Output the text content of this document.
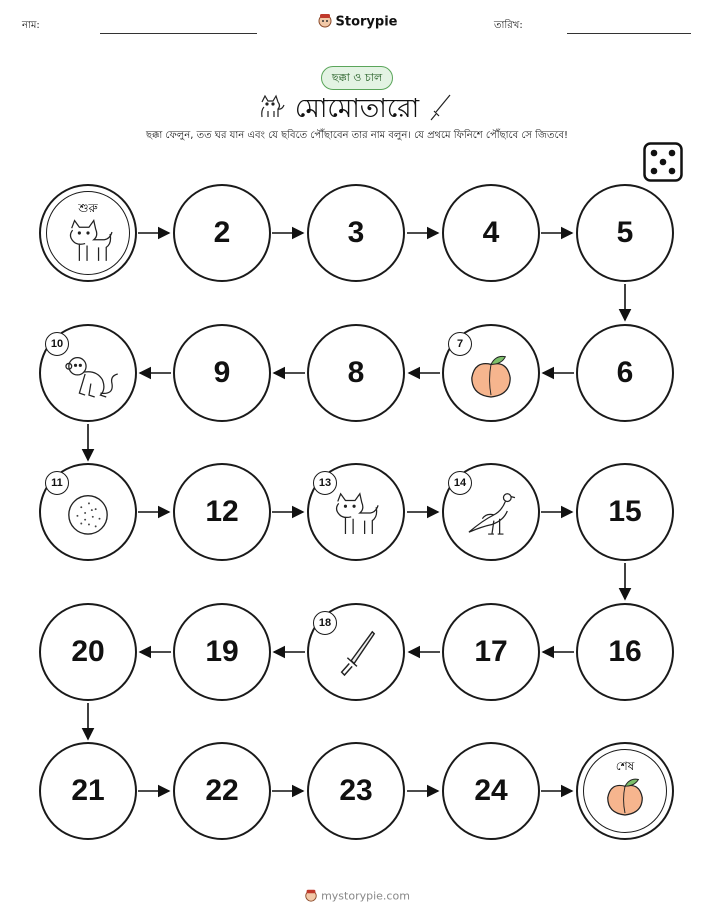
নাম:	Storypie	তারিখ:
ছক্কা ও চাল
মোমোতারো
ছক্কা ফেলুন, তত ঘর যান এবং যে ছবিতে পৌঁছাবেন তার নাম বলুন। যে প্রথমে ফিনিশে পৌঁছাবে সে জিতবে!
শুরু
2	3	4	5
10
9	8
7
6
11
12
13	14
15
20	19
18
17	16
21	22	23	24
শেষ
mystorypie.com
